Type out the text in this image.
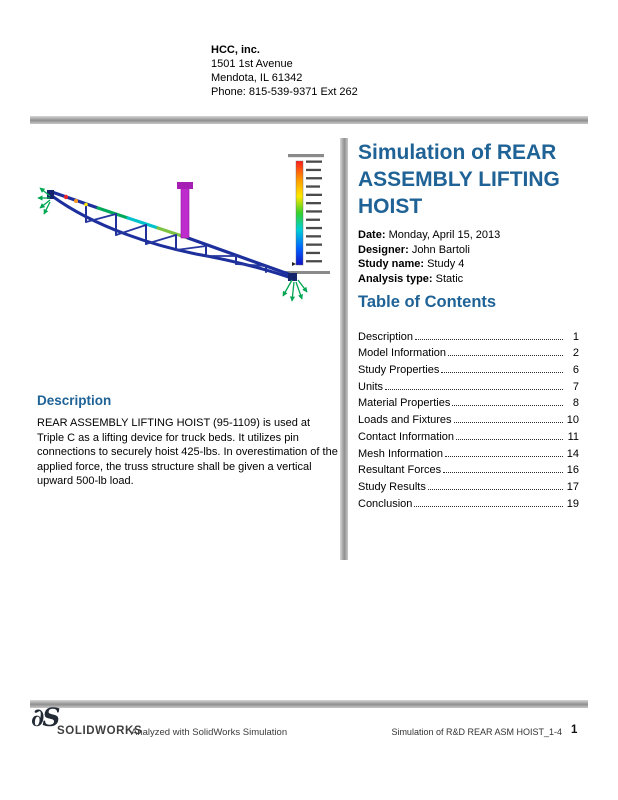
HCC, inc.
1501 1st Avenue
Mendota, IL 61342
Phone: 815-539-9371 Ext 262
Simulation of REAR ASSEMBLY LIFTING HOIST
Date: Monday, April 15, 2013
Designer: John Bartoli
Study name: Study 4
Analysis type: Static
Table of Contents
Description	1
Model Information	2
Study Properties	6
Units	7
Material Properties	8
Loads and Fixtures	10
Contact Information	11
Mesh Information	14
Resultant Forces	16
Study Results	17
Conclusion	19
Description
REAR ASSEMBLY LIFTING HOIST (95-1109) is used at Triple C as a lifting device for truck beds. It utilizes pin connections to securely hoist 425-lbs. In overestimation of the applied force, the truss structure shall be given a vertical upward 500-lb load.
∂S
SOLIDWORKS
Analyzed with SolidWorks Simulation	Simulation of R&D REAR ASM HOIST_1-4 1
